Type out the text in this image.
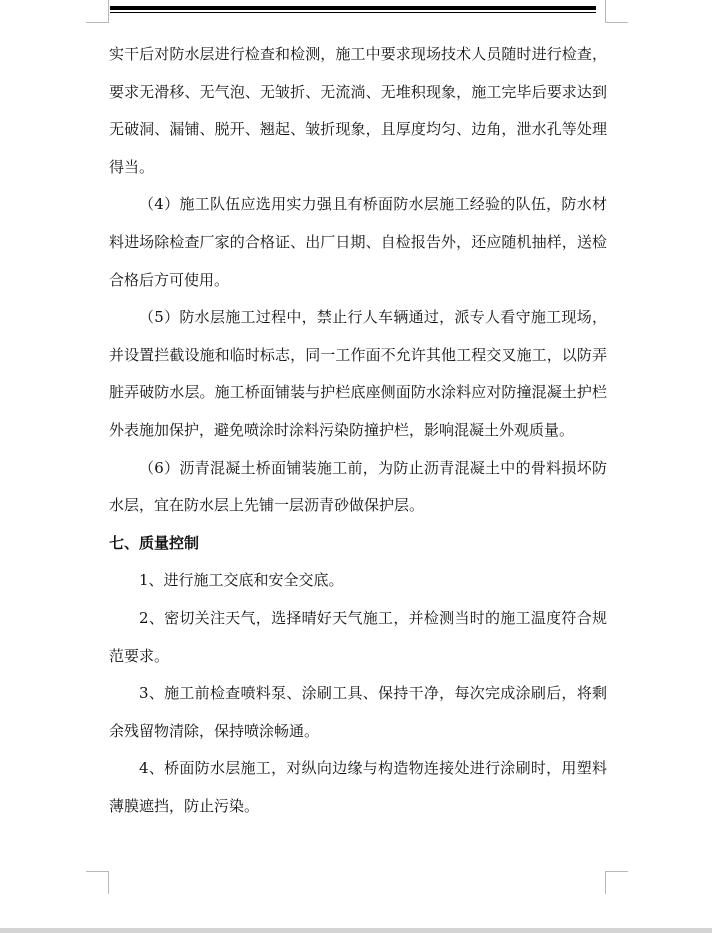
实干后对防水层进行检查和检测，施工中要求现场技术人员随时进行检查，要求无滑移、无气泡、无皱折、无流淌、无堆积现象，施工完毕后要求达到无破洞、漏铺、脱开、翘起、皱折现象，且厚度均匀、边角，泄水孔等处理得当。

（4）施工队伍应选用实力强且有桥面防水层施工经验的队伍，防水材料进场除检查厂家的合格证、出厂日期、自检报告外，还应随机抽样，送检合格后方可使用。

（5）防水层施工过程中，禁止行人车辆通过，派专人看守施工现场，并设置拦截设施和临时标志，同一工作面不允许其他工程交叉施工，以防弄脏弄破防水层。施工桥面铺装与护栏底座侧面防水涂料应对防撞混凝土护栏外表施加保护，避免喷涂时涂料污染防撞护栏，影响混凝土外观质量。

（6）沥青混凝土桥面铺装施工前，为防止沥青混凝土中的骨料损坏防水层，宜在防水层上先铺一层沥青砂做保护层。

七、质量控制

1、进行施工交底和安全交底。

2、密切关注天气，选择晴好天气施工，并检测当时的施工温度符合规范要求。

3、施工前检查喷料泵、涂刷工具、保持干净，每次完成涂刷后，将剩余残留物清除，保持喷涂畅通。

4、桥面防水层施工，对纵向边缘与构造物连接处进行涂刷时，用塑料薄膜遮挡，防止污染。
